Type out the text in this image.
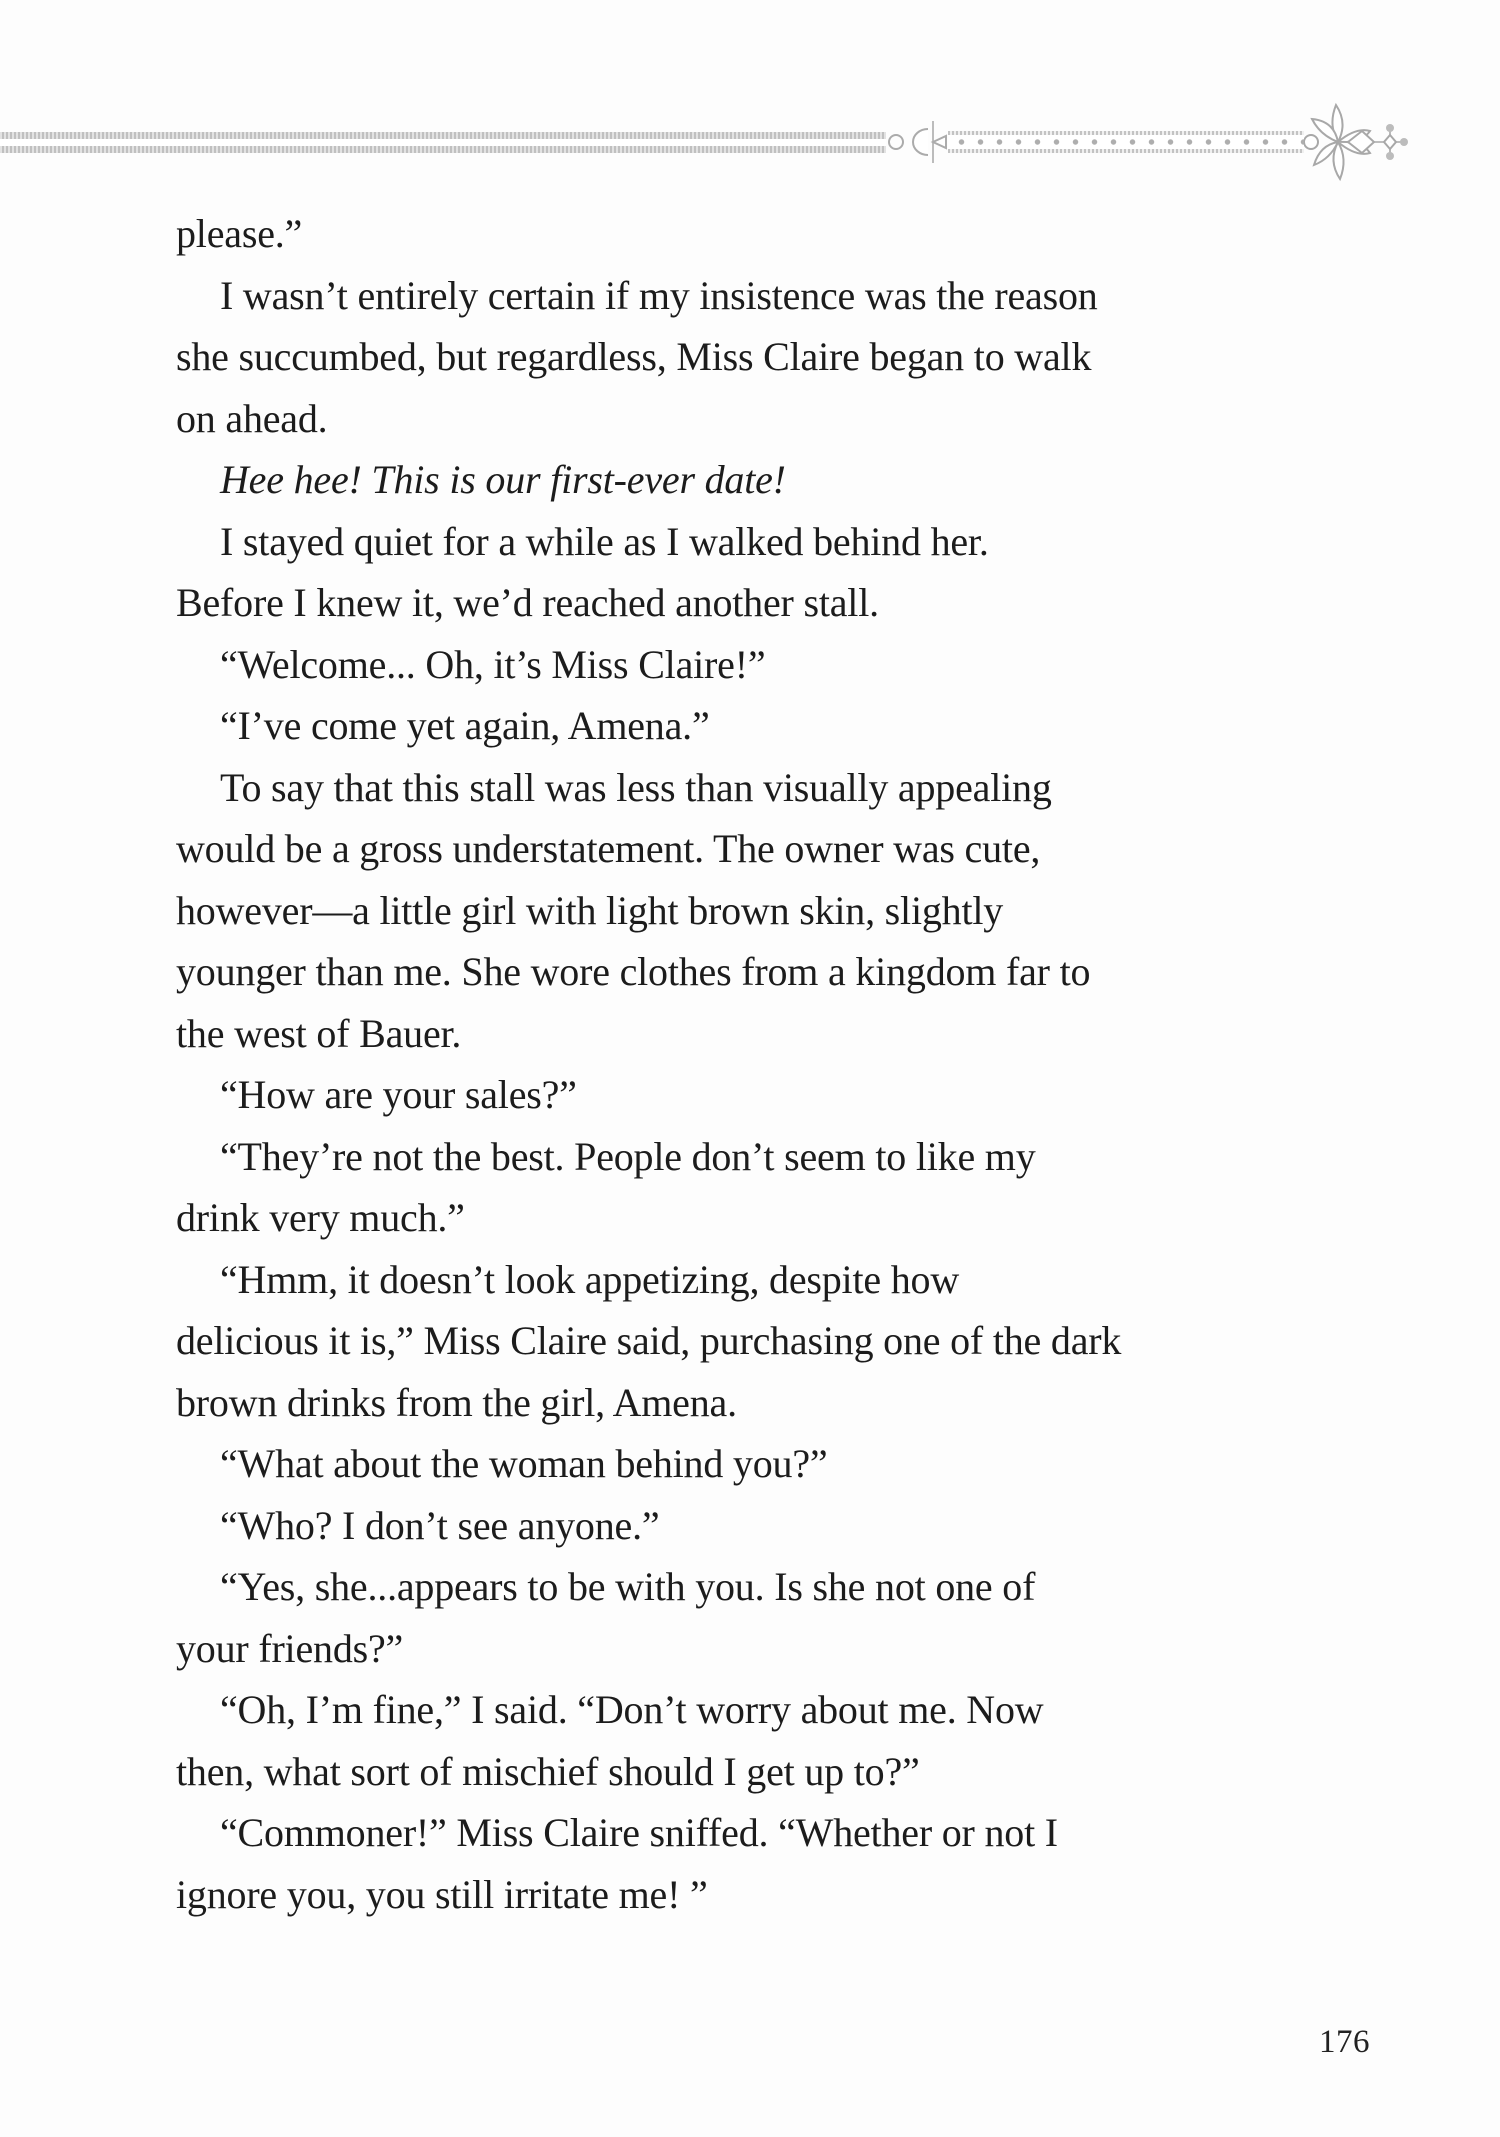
please.”
I wasn’t entirely certain if my insistence was the reason
she succumbed, but regardless, Miss Claire began to walk
on ahead.
Hee hee! This is our first-ever date!
I stayed quiet for a while as I walked behind her.
Before I knew it, we’d reached another stall.
“Welcome... Oh, it’s Miss Claire!”
“I’ve come yet again, Amena.”
To say that this stall was less than visually appealing
would be a gross understatement. The owner was cute,
however—a little girl with light brown skin, slightly
younger than me. She wore clothes from a kingdom far to
the west of Bauer.
“How are your sales?”
“They’re not the best. People don’t seem to like my
drink very much.”
“Hmm, it doesn’t look appetizing, despite how
delicious it is,” Miss Claire said, purchasing one of the dark
brown drinks from the girl, Amena.
“What about the woman behind you?”
“Who? I don’t see anyone.”
“Yes, she...appears to be with you. Is she not one of
your friends?”
“Oh, I’m fine,” I said. “Don’t worry about me. Now
then, what sort of mischief should I get up to?”
“Commoner!” Miss Claire sniffed. “Whether or not I
ignore you, you still irritate me! ”
176
